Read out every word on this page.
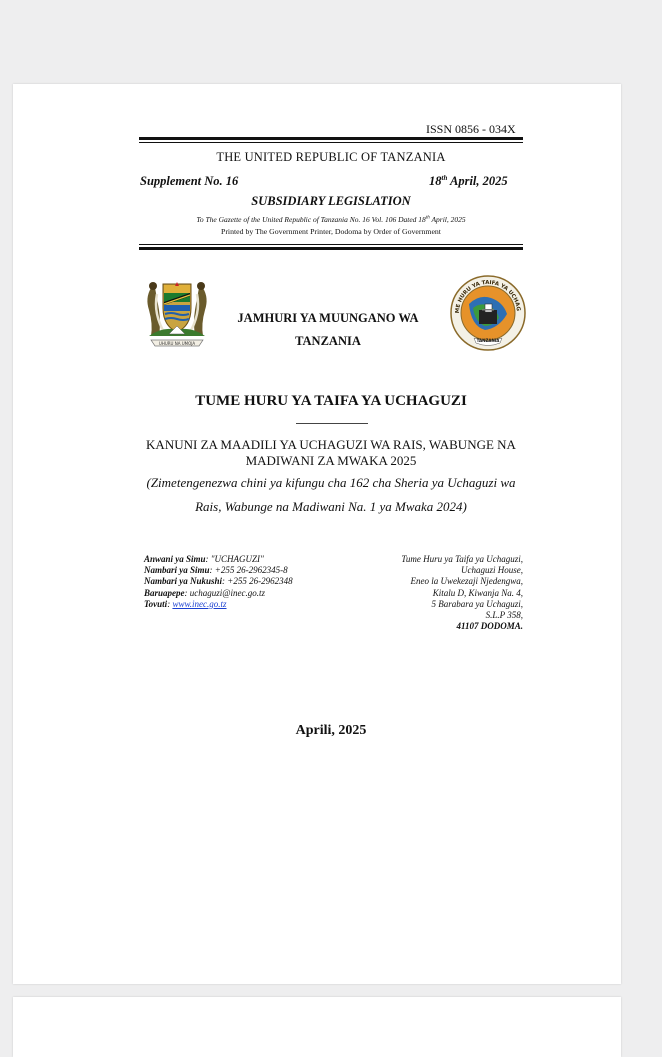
ISSN 0856 - 034X
THE UNITED REPUBLIC OF TANZANIA
Supplement No. 16	18th April, 2025
SUBSIDIARY LEGISLATION
To The Gazette of the United Republic of Tanzania No. 16 Vol. 106 Dated 18th April, 2025
Printed by The Government Printer, Dodoma by Order of Government
UHURU NA UMOJA
JAMHURI YA MUUNGANO WA
TANZANIA
ME HURU YA TAIFA YA UCHAG
TANZANIA
TUME HURU YA TAIFA YA UCHAGUZI
KANUNI ZA MAADILI YA UCHAGUZI WA RAIS, WABUNGE NA
MADIWANI ZA MWAKA 2025
(Zimetengenezwa chini ya kifungu cha 162 cha Sheria ya Uchaguzi wa
Rais, Wabunge na Madiwani Na. 1 ya Mwaka 2024)
Anwani ya Simu: "UCHAGUZI"
Nambari ya Simu: +255 26-2962345-8
Nambari ya Nukushi: +255 26-2962348
Baruapepe: uchaguzi@inec.go.tz
Tovuti: www.inec.go.tz
Tume Huru ya Taifa ya Uchaguzi,
Uchaguzi House,
Eneo la Uwekezaji Njedengwa,
Kitalu D, Kiwanja Na. 4,
5 Barabara ya Uchaguzi,
S.L.P 358,
41107 DODOMA.
Aprili, 2025
